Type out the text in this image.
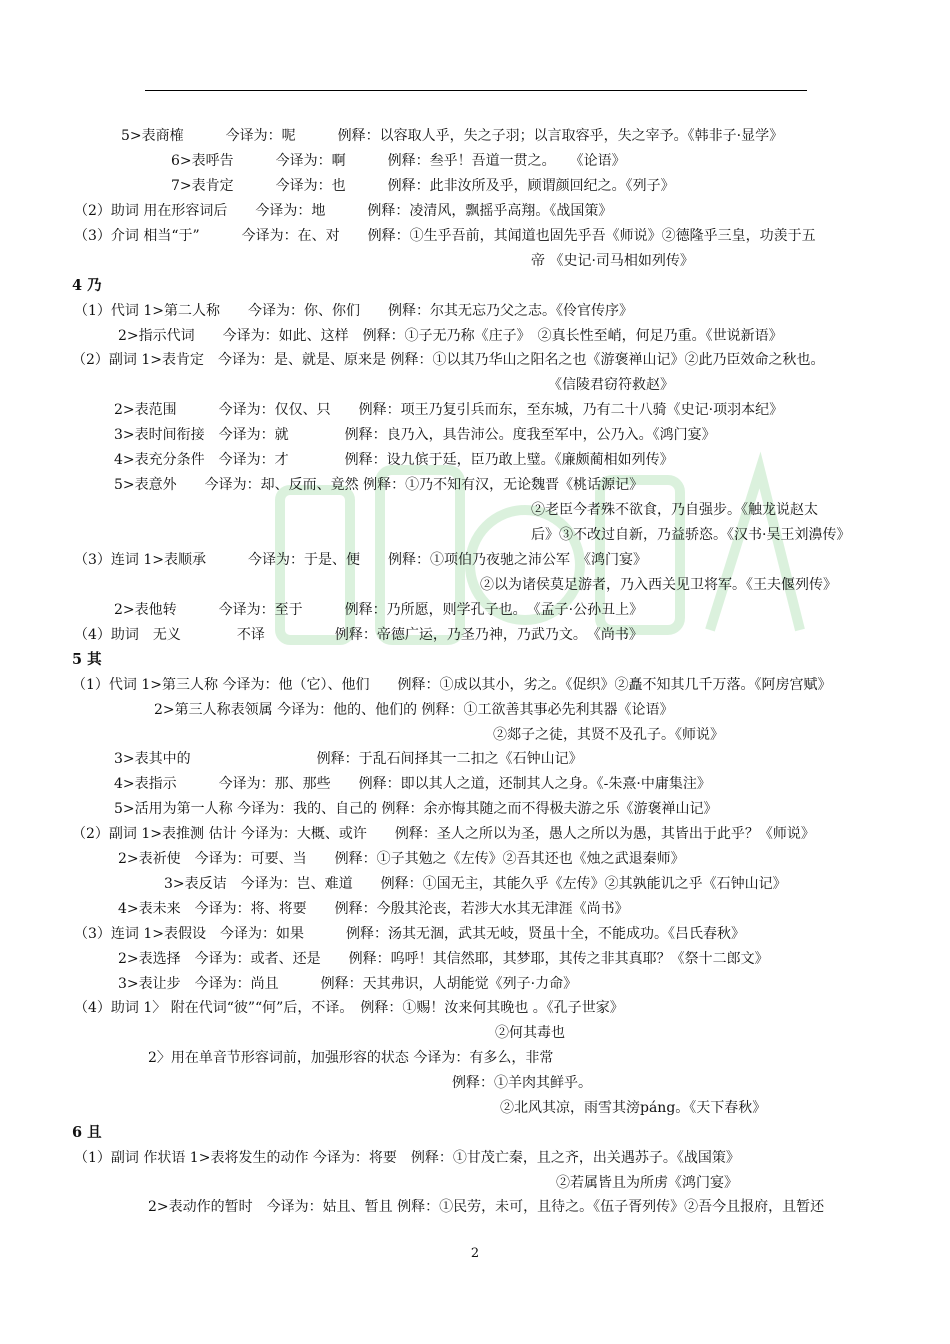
5>表商榷　　　今译为：呢　　　例释：以容取人乎，失之子羽；以言取容乎，失之宰予。《韩非子·显学》
6>表呼告　　　今译为：啊　　　例释：叁乎！吾道一贯之。　　《论语》
7>表肯定　　　今译为：也　　　例释：此非汝所及乎，顾谓颜回纪之。《列子》
（2）助词 用在形容词后　　今译为：地　　　例释：凌清风，飘摇乎高翔。《战国策》
（3）介词 相当“于”　　　今译为：在、对　　例释：①生乎吾前，其闻道也固先乎吾《师说》②德隆乎三皇，功羡于五
帝 《史记·司马相如列传》
4 乃
（1）代词 1>第二人称　　今译为：你、你们　　例释：尔其无忘乃父之志。《伶官传序》
2>指示代词　　今译为：如此、这样　例释：①子无乃称《庄子》　②真长性至峭，何足乃重。《世说新语》
（2）副词 1>表肯定　今译为：是、就是、原来是 例释：①以其乃华山之阳名之也《游褒禅山记》②此乃臣效命之秋也。
《信陵君窃符救赵》
2>表范围　　　今译为：仅仅、只　　例释：项王乃复引兵而东，至东城，乃有二十八骑《史记·项羽本纪》
3>表时间衔接　今译为：就　　　　例释：良乃入，具告沛公。度我至军中，公乃入。《鸿门宴》
4>表充分条件　今译为：才　　　　例释：设九傧于廷，臣乃敢上璧。《廉颇蔺相如列传》
5>表意外　　今译为：却、反而、竟然 例释：①乃不知有汉，无论魏晋《桃话源记》
②老臣今者殊不欲食，乃自强步。《触龙说赵太
后》③不改过自新，乃益骄恣。《汉书·吴王刘濞传》
（3）连词 1>表顺承　　　今译为：于是、便　　例释：①项伯乃夜驰之沛公军　《鸿门宴》
②以为诸侯莫足游者，乃入西关见卫将军。《王夫偃列传》
2>表他转　　　今译为：至于　　　例释：乃所愿，则学孔子也。　《孟子·公孙丑上》
（4）助词　无义　　　　不译　　　　　例释：帝德广运，乃圣乃神，乃武乃文。　《尚书》
5 其
（1）代词 1>第三人称 今译为：他（它）、他们　　例释：①成以其小，劣之。《促织》②矗不知其几千万落。《阿房宫赋》
2>第三人称表领属 今译为：他的、他们的 例释：①工欲善其事必先利其器《论语》
②郯子之徒，其贤不及孔子。《师说》
3>表其中的　　　　　　　　　例释：于乱石间择其一二扣之《石钟山记》
4>表指示　　　今译为：那、那些　　例释：即以其人之道，还制其人之身。《-朱熹·中庸集注》
5>活用为第一人称 今译为：我的、自己的 例释：余亦悔其随之而不得极夫游之乐《游褒禅山记》
（2）副词 1>表推测 估计 今译为：大概、或许　　例释：圣人之所以为圣，愚人之所以为愚，其皆出于此乎？《师说》
2>表祈使　今译为：可要、当　　例释：①子其勉之《左传》②吾其还也《烛之武退秦师》
3>表反诘　今译为：岂、难道　　例释：①国无主，其能久乎《左传》②其孰能讥之乎《石钟山记》
4>表未来　今译为：将、将要　　例释：今殷其沦丧，若涉大水其无津涯《尚书》
（3）连词 1>表假设　今译为：如果　　　例释：汤其无涸，武其无岐，贤虽十全，不能成功。《吕氏春秋》
2>表选择　今译为：或者、还是　　例释：呜呼！其信然耶，其梦耶，其传之非其真耶？《祭十二郎文》
3>表让步　今译为：尚且　　　例释：天其弗识，人胡能觉《列子·力命》
（4）助词 1〉 附在代词“彼”“何”后，不译。　例释：①赐！汝来何其晚也 。《孔子世家》
②何其毒也
2〉用在单音节形容词前，加强形容的状态 今译为：有多么，非常
例释：①羊肉其鲜乎。
②北风其凉，雨雪其滂páng。《天下春秋》
6 且
（1）副词 作状语 1>表将发生的动作 今译为：将要　例释：①甘茂亡秦，且之齐，出关遇苏子。《战国策》
②若属皆且为所虏《鸿门宴》
2>表动作的暂时　今译为：姑且、暂且 例释：①民劳，未可，且待之。《伍子胥列传》②吾今且报府，且暂还
2
